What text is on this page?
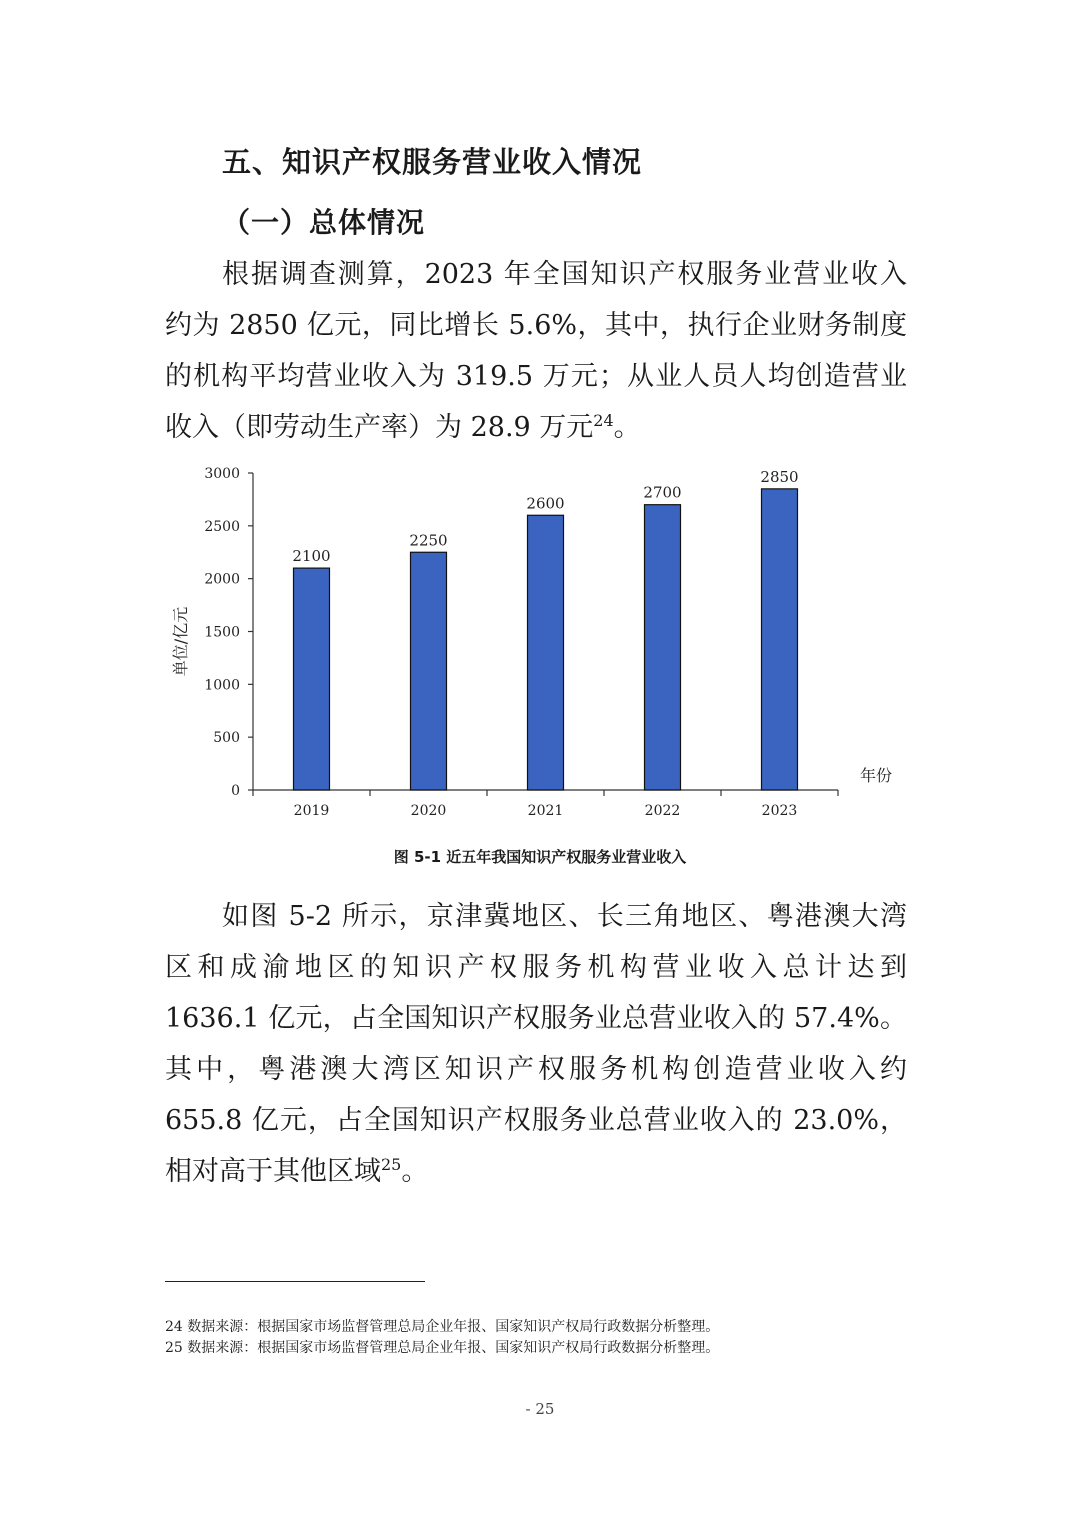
五、知识产权服务营业收入情况
（一）总体情况
根据调查测算，2023 年全国知识产权服务业营业收入
约为 2850 亿元，同比增长 5.6%，其中，执行企业财务制度
的机构平均营业收入为 319.5 万元；从业人员人均创造营业
收入（即劳动生产率）为 28.9 万元$^{24}$。
0
500
1000
1500
2000
2500
3000
2100
2019
2250
2020
2600
2021
2700
2022
2850
2023
年份
单位/亿元
图 5-1 近五年我国知识产权服务业营业收入
如图 5-2 所示，京津冀地区、长三角地区、粤港澳大湾
区和成渝地区的知识产权服务机构营业收入总计达到
1636.1 亿元，占全国知识产权服务业总营业收入的 57.4%。
其中，粤港澳大湾区知识产权服务机构创造营业收入约
655.8 亿元，占全国知识产权服务业总营业收入的 23.0%，
相对高于其他区域$^{25}$。
24 数据来源：根据国家市场监督管理总局企业年报、国家知识产权局行政数据分析整理。
25 数据来源：根据国家市场监督管理总局企业年报、国家知识产权局行政数据分析整理。
- 25
